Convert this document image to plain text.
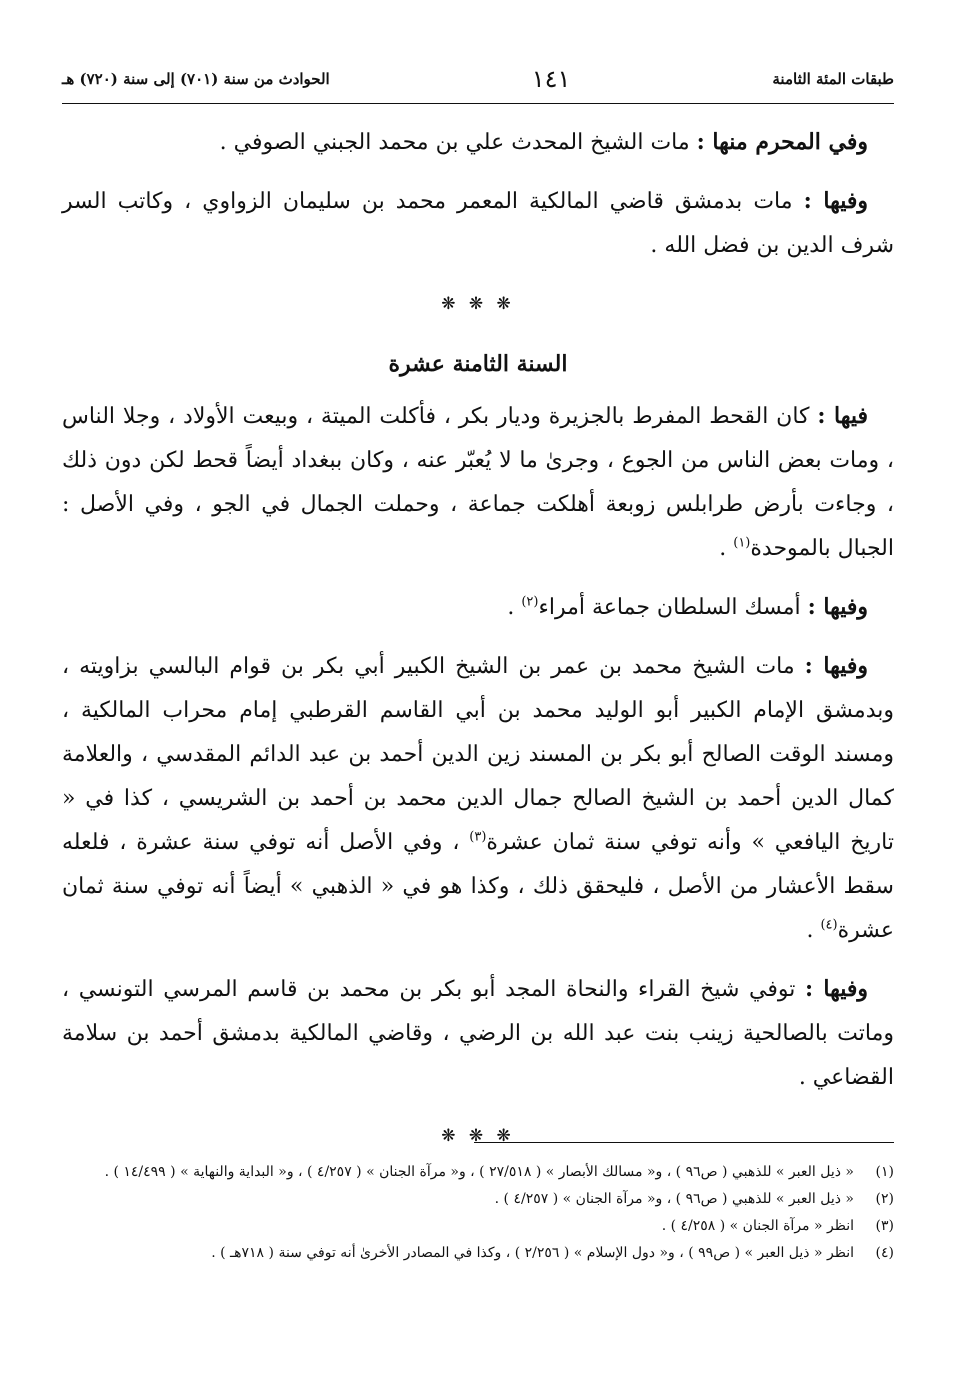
طبقات المئة الثامنة
١٤١
الحوادث من سنة (٧٠١) إلى سنة (٧٢٠) هـ

وفي المحرم منها : مات الشيخ المحدث علي بن محمد الجبني الصوفي .

وفيها : مات بدمشق قاضي المالكية المعمر محمد بن سليمان الزواوي ، وكاتب السر شرف الدين بن فضل الله .

❋ ❋ ❋

السنة الثامنة عشرة

فيها : كان القحط المفرط بالجزيرة وديار بكر ، فأكلت الميتة ، وبيعت الأولاد ، وجلا الناس ، ومات بعض الناس من الجوع ، وجرىٰ ما لا يُعبّر عنه ، وكان ببغداد أيضاً قحط لكن دون ذلك ، وجاءت بأرض طرابلس زوبعة أهلكت جماعة ، وحملت الجمال في الجو ، وفي الأصل : الجبال بالموحدة$^{(١)}$ .

وفيها : أمسك السلطان جماعة أمراء$^{(٢)}$ .

وفيها : مات الشيخ محمد بن عمر بن الشيخ الكبير أبي بكر بن قوام البالسي بزاويته ، وبدمشق الإمام الكبير أبو الوليد محمد بن أبي القاسم القرطبي إمام محراب المالكية ، ومسند الوقت الصالح أبو بكر بن المسند زين الدين أحمد بن عبد الدائم المقدسي ، والعلامة كمال الدين أحمد بن الشيخ الصالح جمال الدين محمد بن أحمد بن الشريسي ، كذا في « تاريخ اليافعي » وأنه توفي سنة ثمان عشرة$^{(٣)}$ ، وفي الأصل أنه توفي سنة عشرة ، فلعله سقط الأعشار من الأصل ، فليحقق ذلك ، وكذا هو في « الذهبي » أيضاً أنه توفي سنة ثمان عشرة$^{(٤)}$ .

وفيها : توفي شيخ القراء والنحاة المجد أبو بكر بن محمد بن قاسم المرسي التونسي ، وماتت بالصالحية زينب بنت عبد الله بن الرضي ، وقاضي المالكية بدمشق أحمد بن سلامة القضاعي .

❋ ❋ ❋

(١)
« ذيل العبر » للذهبي ( ص٩٦ ) ، و« مسالك الأبصار » ( ٢٧/٥١٨ ) ، و« مرآة الجنان » ( ٤/٢٥٧ ) ، و« البداية والنهاية » ( ١٤/٤٩٩ ) .
(٢)
« ذيل العبر » للذهبي ( ص٩٦ ) ، و« مرآة الجنان » ( ٤/٢٥٧ ) .
(٣)
انظر « مرآة الجنان » ( ٤/٢٥٨ ) .
(٤)
انظر « ذيل العبر » ( ص٩٩ ) ، و« دول الإسلام » ( ٢/٢٥٦ ) ، وكذا في المصادر الأخرىٰ أنه توفي سنة ( ٧١٨هـ ) .
